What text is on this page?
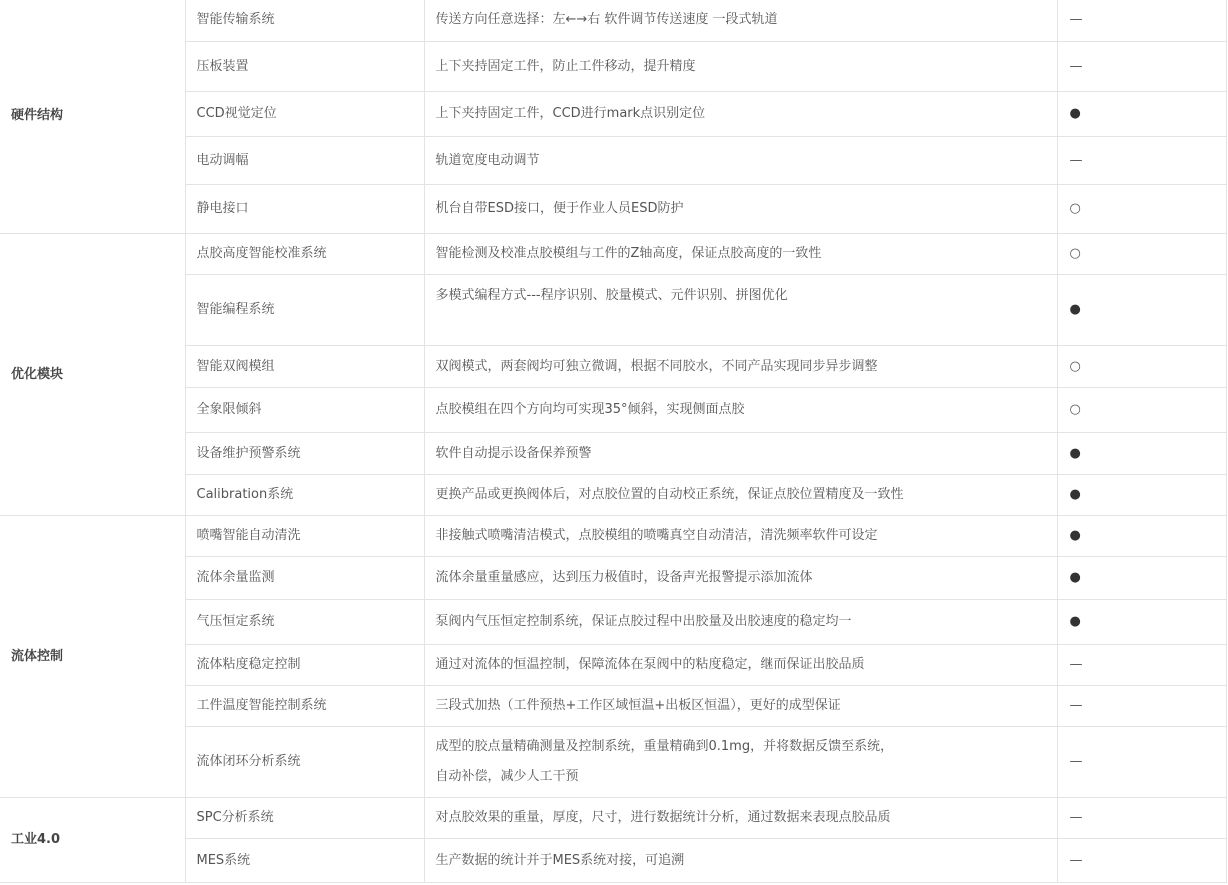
硬件结构	智能传输系统	传送方向任意选择：左←→右 软件调节传送速度 一段式轨道	—
	压板装置	上下夹持固定工件，防止工件移动，提升精度	—
	CCD视觉定位	上下夹持固定工件，CCD进行mark点识别定位	●
	电动调幅	轨道宽度电动调节	—
	静电接口	机台自带ESD接口，便于作业人员ESD防护	○
优化模块	点胶高度智能校准系统	智能检测及校准点胶模组与工件的Z轴高度，保证点胶高度的一致性	○
	智能编程系统	多模式编程方式---程序识别、胶量模式、元件识别、拼图优化	●
	智能双阀模组	双阀模式，两套阀均可独立微调，根据不同胶水，不同产品实现同步异步调整	○
	全象限倾斜	点胶模组在四个方向均可实现35°倾斜，实现侧面点胶	○
	设备维护预警系统	软件自动提示设备保养预警	●
	Calibration系统	更换产品或更换阀体后，对点胶位置的自动校正系统，保证点胶位置精度及一致性	●
流体控制	喷嘴智能自动清洗	非接触式喷嘴清洁模式，点胶模组的喷嘴真空自动清洁，清洗频率软件可设定	●
	流体余量监测	流体余量重量感应，达到压力极值时，设备声光报警提示添加流体	●
	气压恒定系统	泵阀内气压恒定控制系统，保证点胶过程中出胶量及出胶速度的稳定均一	●
	流体粘度稳定控制	通过对流体的恒温控制，保障流体在泵阀中的粘度稳定，继而保证出胶品质	—
	工件温度智能控制系统	三段式加热（工件预热+工作区域恒温+出板区恒温），更好的成型保证	—
	流体闭环分析系统	成型的胶点量精确测量及控制系统，重量精确到0.1mg，并将数据反馈至系统，
自动补偿，减少人工干预	—
工业4.0	SPC分析系统	对点胶效果的重量，厚度，尺寸，进行数据统计分析，通过数据来表现点胶品质	—
	MES系统	生产数据的统计并于MES系统对接，可追溯	—
